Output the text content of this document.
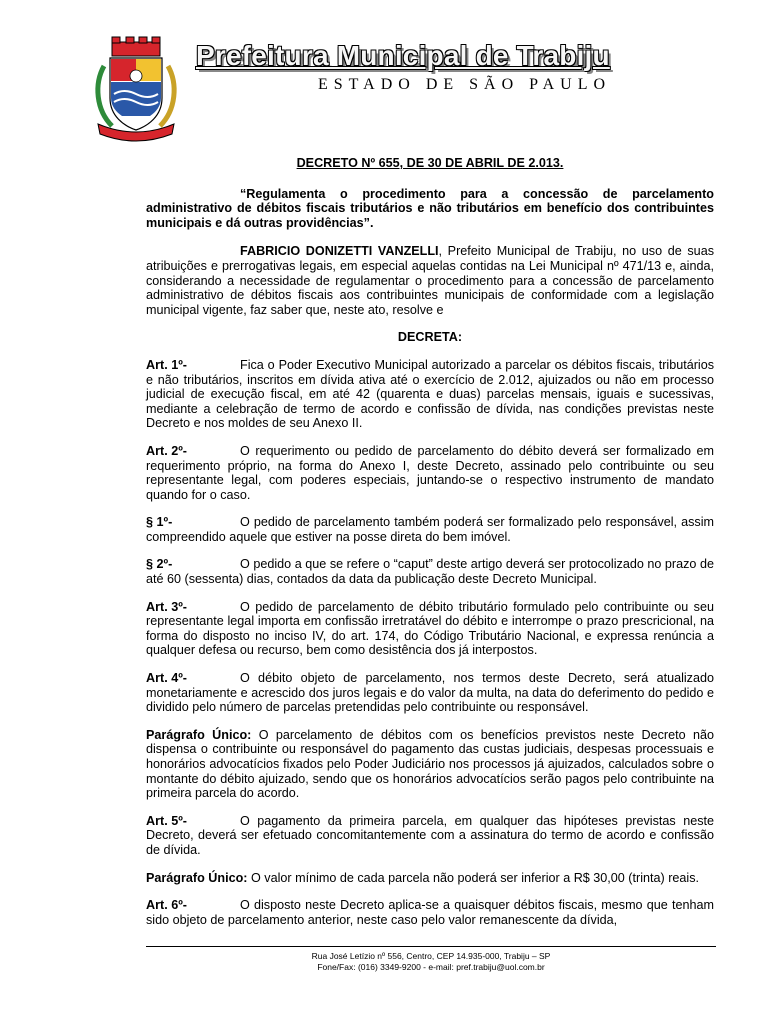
Prefeitura Municipal de Trabiju
ESTADO DE SÃO PAULO

DECRETO Nº 655, DE 30 DE ABRIL DE 2.013.

“Regulamenta o procedimento para a concessão de parcelamento administrativo de débitos fiscais tributários e não tributários em benefício dos contribuintes municipais e dá outras providências”.

FABRICIO DONIZETTI VANZELLI, Prefeito Municipal de Trabiju, no uso de suas atribuições e prerrogativas legais, em especial aquelas contidas na Lei Municipal nº 471/13 e, ainda, considerando a necessidade de regulamentar o procedimento para a concessão de parcelamento administrativo de débitos fiscais aos contribuintes municipais de conformidade com a legislação municipal vigente, faz saber que, neste ato, resolve e

DECRETA:

Art. 1º-	Fica o Poder Executivo Municipal autorizado a parcelar os débitos fiscais, tributários e não tributários, inscritos em dívida ativa até o exercício de 2.012, ajuizados ou não em processo judicial de execução fiscal, em até 42 (quarenta e duas) parcelas mensais, iguais e sucessivas, mediante a celebração de termo de acordo e confissão de dívida, nas condições previstas neste Decreto e nos moldes de seu Anexo II.

Art. 2º-	O requerimento ou pedido de parcelamento do débito deverá ser formalizado em requerimento próprio, na forma do Anexo I, deste Decreto, assinado pelo contribuinte ou seu representante legal, com poderes especiais, juntando-se o respectivo instrumento de mandato quando for o caso.

§ 1º-	O pedido de parcelamento também poderá ser formalizado pelo responsável, assim compreendido aquele que estiver na posse direta do bem imóvel.

§ 2º-	O pedido a que se refere o “caput” deste artigo deverá ser protocolizado no prazo de até 60 (sessenta) dias, contados da data da publicação deste Decreto Municipal.

Art. 3º-	O pedido de parcelamento de débito tributário formulado pelo contribuinte ou seu representante legal importa em confissão irretratável do débito e interrompe o prazo prescricional, na forma do disposto no inciso IV, do art. 174, do Código Tributário Nacional, e expressa renúncia a qualquer defesa ou recurso, bem como desistência dos já interpostos.

Art. 4º-	O débito objeto de parcelamento, nos termos deste Decreto, será atualizado monetariamente e acrescido dos juros legais e do valor da multa, na data do deferimento do pedido e dividido pelo número de parcelas pretendidas pelo contribuinte ou responsável.

Parágrafo Único: O parcelamento de débitos com os benefícios previstos neste Decreto não dispensa o contribuinte ou responsável do pagamento das custas judiciais, despesas processuais e honorários advocatícios fixados pelo Poder Judiciário nos processos já ajuizados, calculados sobre o montante do débito ajuizado, sendo que os honorários advocatícios serão pagos pelo contribuinte na primeira parcela do acordo.

Art. 5º-	O pagamento da primeira parcela, em qualquer das hipóteses previstas neste Decreto, deverá ser efetuado concomitantemente com a assinatura do termo de acordo e confissão de dívida.

Parágrafo Único: O valor mínimo de cada parcela não poderá ser inferior a R$ 30,00 (trinta) reais.

Art. 6º-	O disposto neste Decreto aplica-se a quaisquer débitos fiscais, mesmo que tenham sido objeto de parcelamento anterior, neste caso pelo valor remanescente da dívida,

Rua José Letízio nº 556, Centro, CEP 14.935-000, Trabiju – SP
Fone/Fax: (016) 3349-9200 - e-mail: pref.trabiju@uol.com.br
